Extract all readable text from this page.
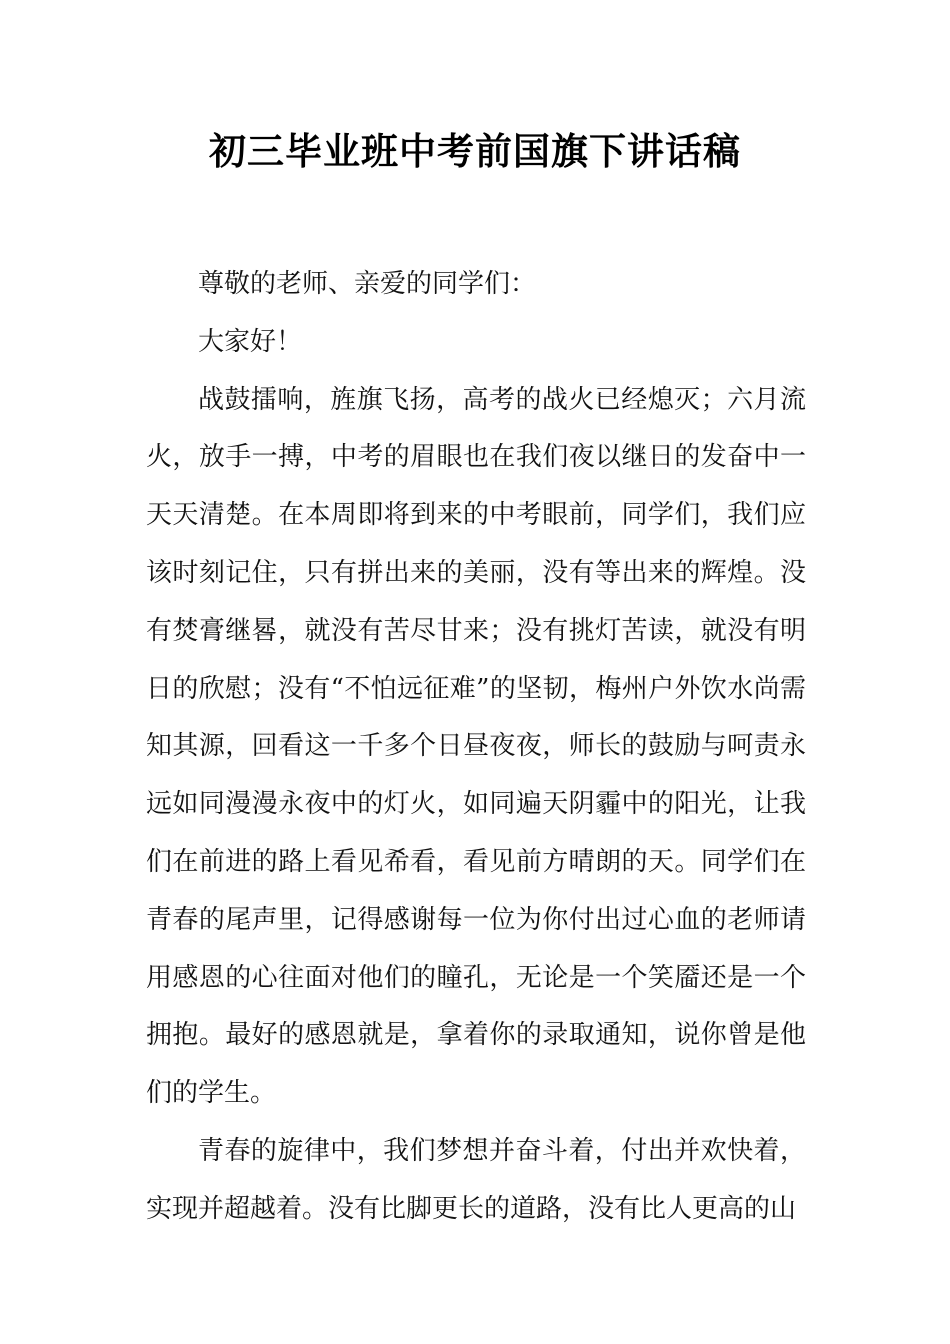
初三毕业班中考前国旗下讲话稿

尊敬的老师、亲爱的同学们：

大家好！

战鼓擂响，旌旗飞扬，高考的战火已经熄灭；六月流火，放手一搏，中考的眉眼也在我们夜以继日的发奋中一天天清楚。在本周即将到来的中考眼前，同学们，我们应该时刻记住，只有拼出来的美丽，没有等出来的辉煌。没有焚膏继晷，就没有苦尽甘来；没有挑灯苦读，就没有明日的欣慰；没有“不怕远征难”的坚韧，梅州户外饮水尚需知其源，回看这一千多个日昼夜夜，师长的鼓励与呵责永远如同漫漫永夜中的灯火，如同遍天阴霾中的阳光，让我们在前进的路上看见希看，看见前方晴朗的天。同学们在青春的尾声里，记得感谢每一位为你付出过心血的老师请用感恩的心往面对他们的瞳孔，无论是一个笑靥还是一个拥抱。最好的感恩就是，拿着你的录取通知，说你曾是他们的学生。

青春的旋律中，我们梦想并奋斗着，付出并欢快着，实现并超越着。没有比脚更长的道路，没有比人更高的山
